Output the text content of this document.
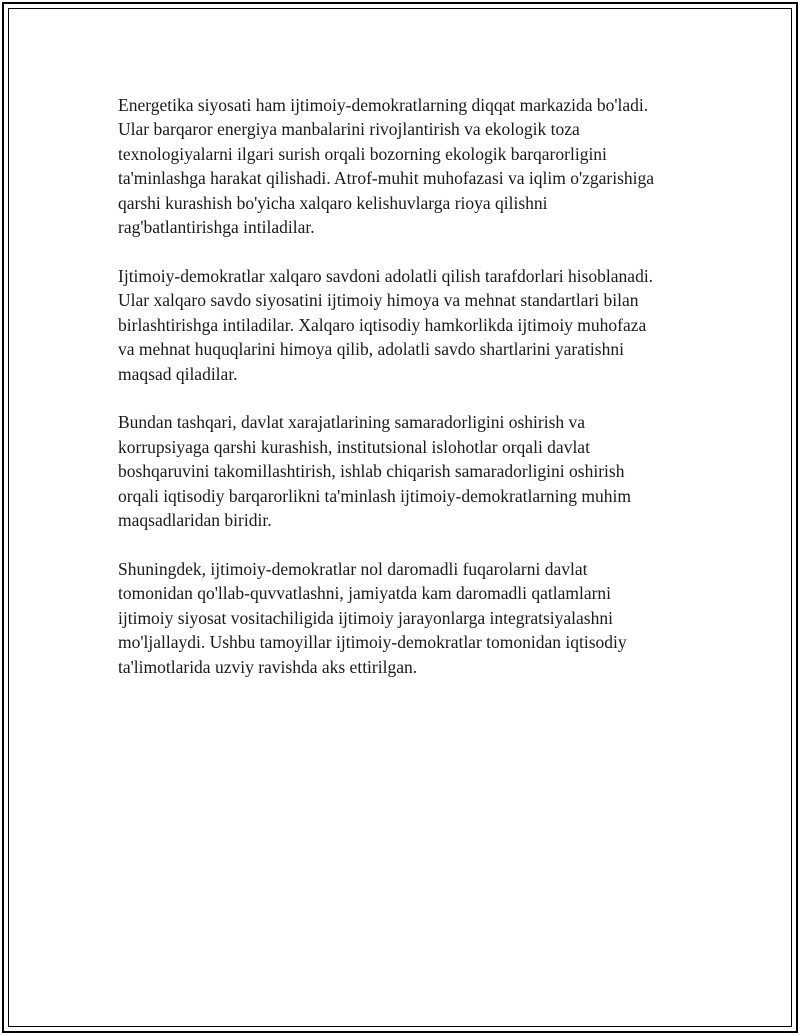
Energetika siyosati ham ijtimoiy-demokratlarning diqqat markazida bo'ladi.
Ular barqaror energiya manbalarini rivojlantirish va ekologik toza
texnologiyalarni ilgari surish orqali bozorning ekologik barqarorligini
ta'minlashga harakat qilishadi. Atrof-muhit muhofazasi va iqlim o'zgarishiga
qarshi kurashish bo'yicha xalqaro kelishuvlarga rioya qilishni
rag'batlantirishga intiladilar.

Ijtimoiy-demokratlar xalqaro savdoni adolatli qilish tarafdorlari hisoblanadi.
Ular xalqaro savdo siyosatini ijtimoiy himoya va mehnat standartlari bilan
birlashtirishga intiladilar. Xalqaro iqtisodiy hamkorlikda ijtimoiy muhofaza
va mehnat huquqlarini himoya qilib, adolatli savdo shartlarini yaratishni
maqsad qiladilar.

Bundan tashqari, davlat xarajatlarining samaradorligini oshirish va
korrupsiyaga qarshi kurashish, institutsional islohotlar orqali davlat
boshqaruvini takomillashtirish, ishlab chiqarish samaradorligini oshirish
orqali iqtisodiy barqarorlikni ta'minlash ijtimoiy-demokratlarning muhim
maqsadlaridan biridir.

Shuningdek, ijtimoiy-demokratlar nol daromadli fuqarolarni davlat
tomonidan qo'llab-quvvatlashni, jamiyatda kam daromadli qatlamlarni
ijtimoiy siyosat vositachiligida ijtimoiy jarayonlarga integratsiyalashni
mo'ljallaydi. Ushbu tamoyillar ijtimoiy-demokratlar tomonidan iqtisodiy
ta'limotlarida uzviy ravishda aks ettirilgan.
